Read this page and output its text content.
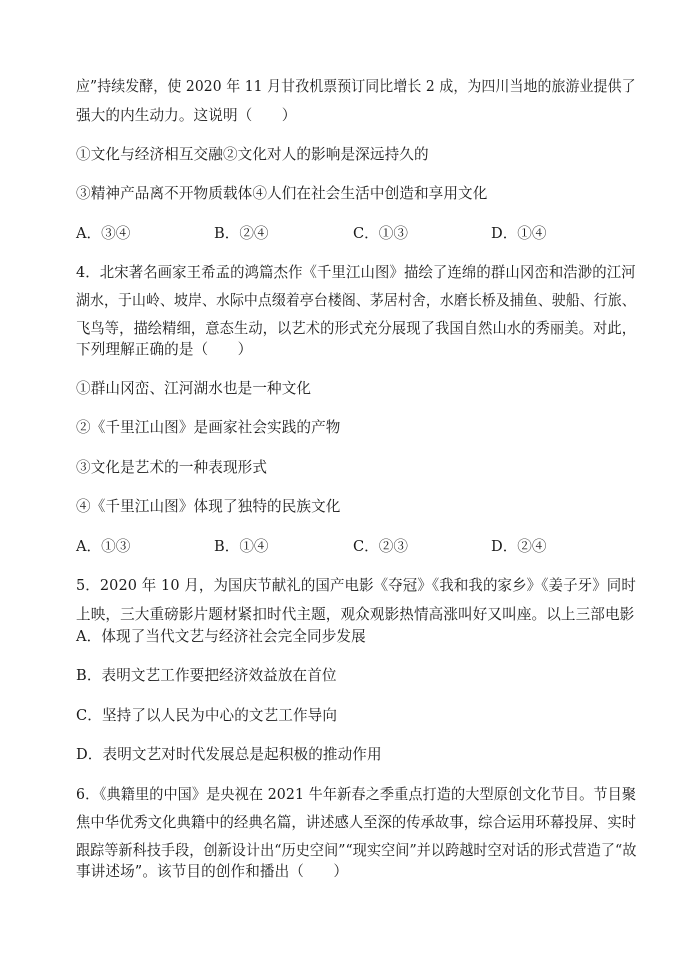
应”持续发酵，使 2020 年 11 月甘孜机票预订同比增长 2 成，为四川当地的旅游业提供了
强大的内生动力。这说明（　　）
①文化与经济相互交融②文化对人的影响是深远持久的
③精神产品离不开物质载体④人们在社会生活中创造和享用文化
A．③④	B．②④	C．①③	D．①④
4．北宋著名画家王希孟的鸿篇杰作《千里江山图》描绘了连绵的群山冈峦和浩渺的江河
湖水，于山岭、坡岸、水际中点缀着亭台楼阁、茅居村舍，水磨长桥及捕鱼、驶船、行旅、
飞鸟等，描绘精细，意态生动，以艺术的形式充分展现了我国自然山水的秀丽美。对此，
下列理解正确的是（　　）
①群山冈峦、江河湖水也是一种文化
②《千里江山图》是画家社会实践的产物
③文化是艺术的一种表现形式
④《千里江山图》体现了独特的民族文化
A．①③	B．①④	C．②③	D．②④
5．2020 年 10 月，为国庆节献礼的国产电影《夺冠》《我和我的家乡》《姜子牙》同时
上映，三大重磅影片题材紧扣时代主题，观众观影热情高涨叫好又叫座。以上三部电影
A．体现了当代文艺与经济社会完全同步发展
B．表明文艺工作要把经济效益放在首位
C．坚持了以人民为中心的文艺工作导向
D．表明文艺对时代发展总是起积极的推动作用
6．《典籍里的中国》是央视在 2021 牛年新春之季重点打造的大型原创文化节目。节目聚
焦中华优秀文化典籍中的经典名篇，讲述感人至深的传承故事，综合运用环幕投屏、实时
跟踪等新科技手段，创新设计出“历史空间”“现实空间”并以跨越时空对话的形式营造了“故
事讲述场”。该节目的创作和播出（　　）
